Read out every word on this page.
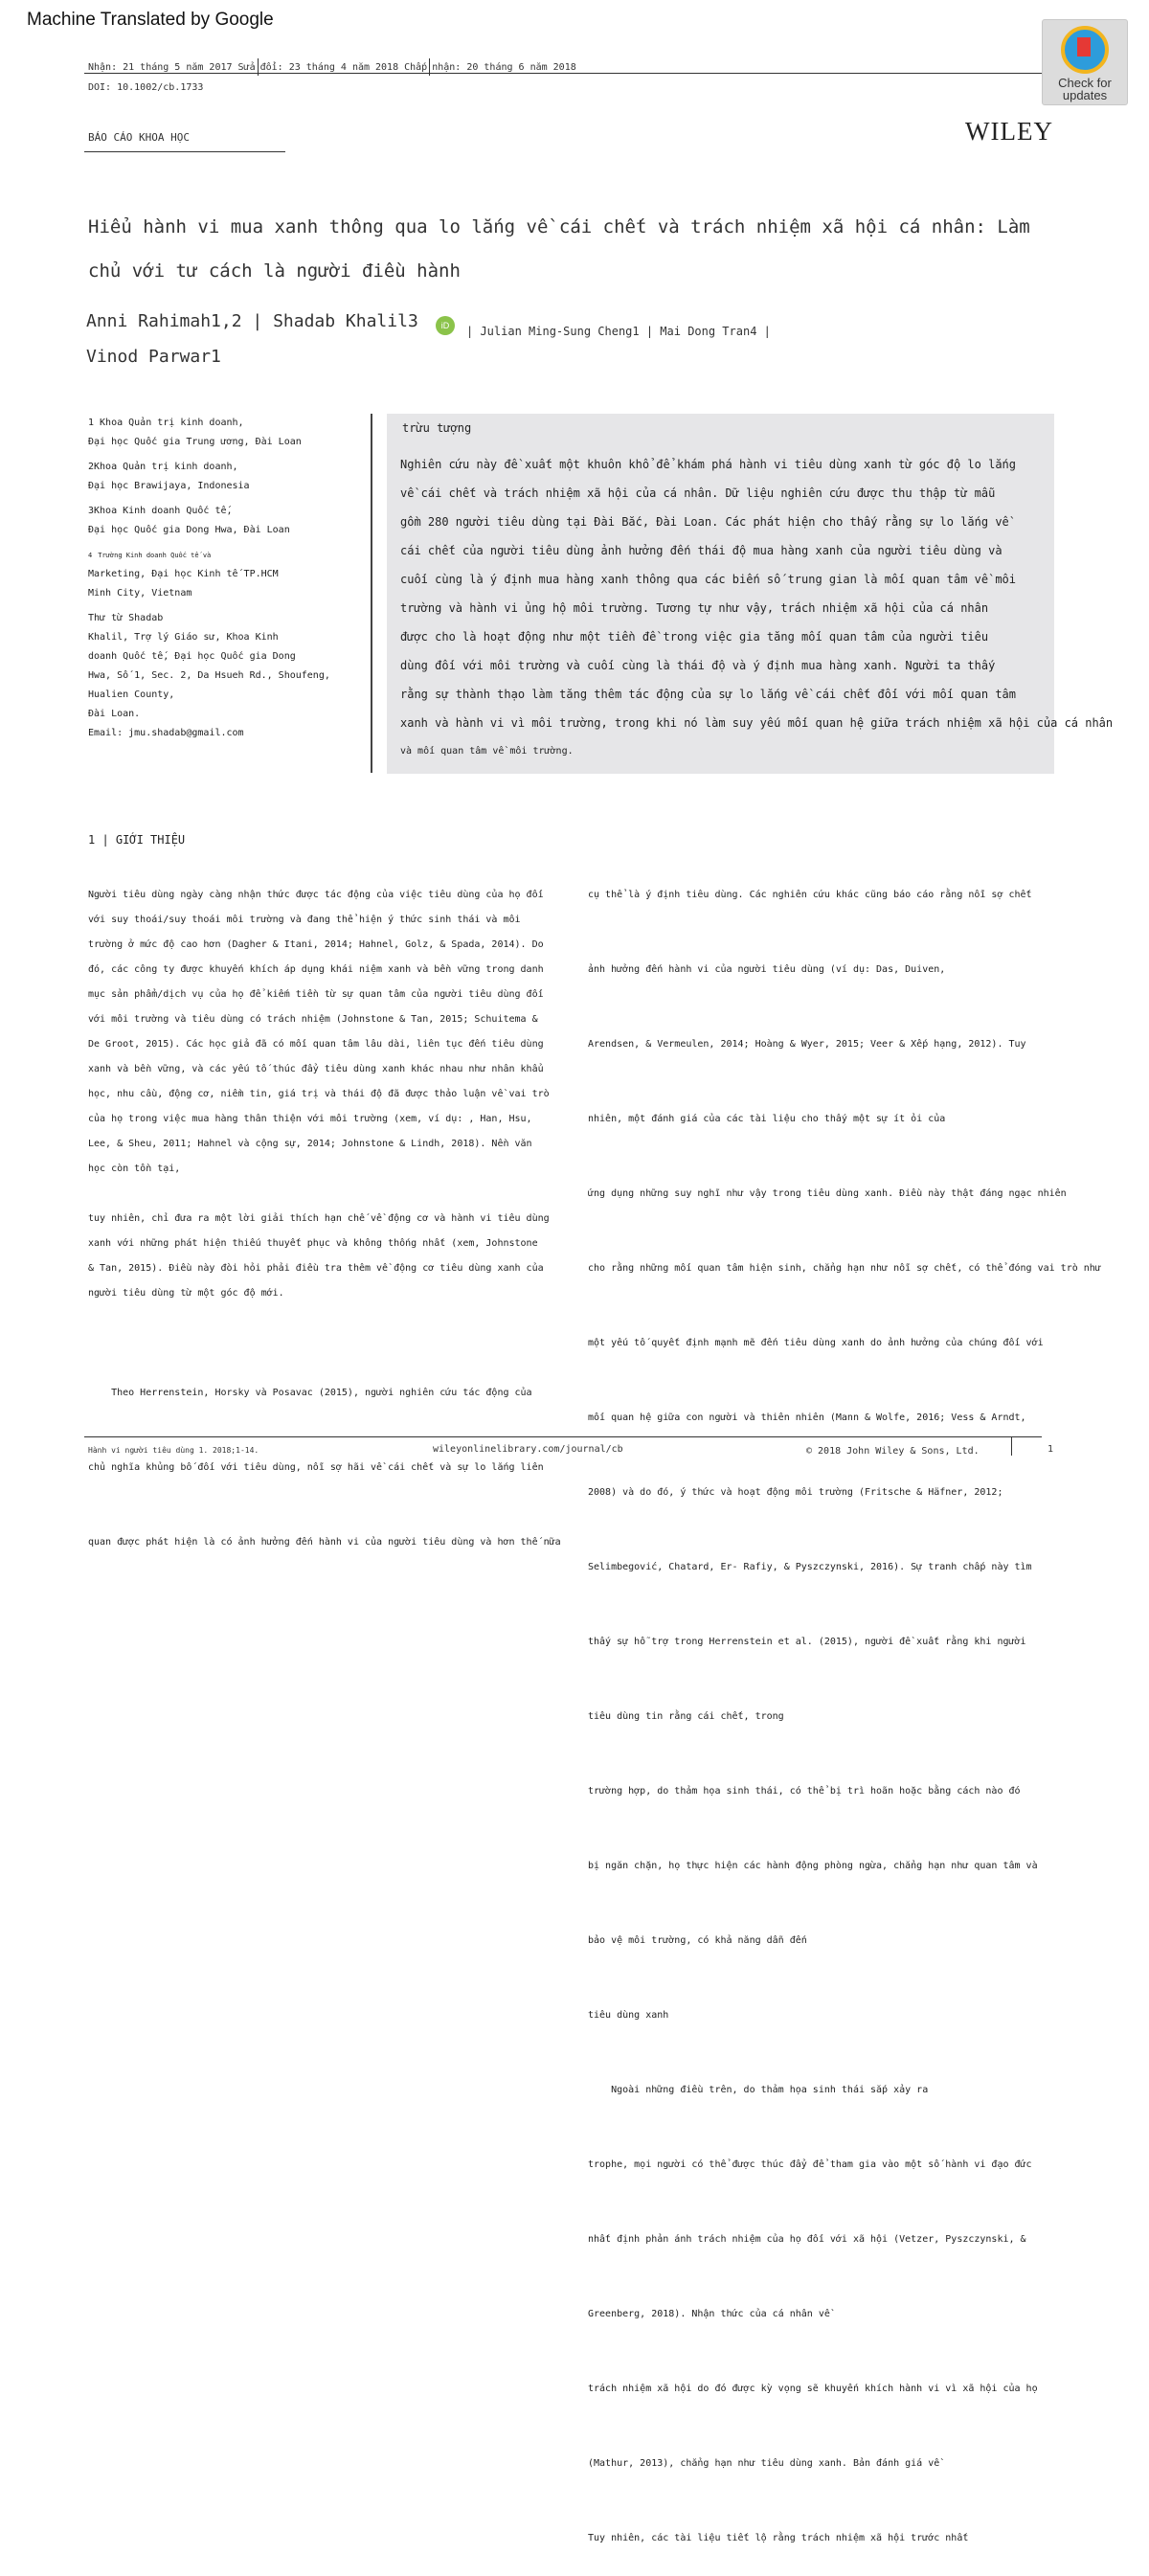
Machine Translated by Google
Check for
updates
Nhận: 21 tháng 5 năm 2017 Sửa đổi: 23 tháng 4 năm 2018 Chấp nhận: 20 tháng 6 năm 2018
DOI: 10.1002/cb.1733
BÁO CÁO KHOA HỌC	WILEY
Hiểu hành vi mua xanh thông qua lo lắng về cái chết và trách nhiệm xã hội cá nhân: Làm chủ với tư cách là người điều hành
Anni Rahimah1,2 | Shadab Khalil3	iD	| Julian Ming-Sung Cheng1 | Mai Dong Tran4 |
Vinod Parwar1
1 Khoa Quản trị kinh doanh,
Đại học Quốc gia Trung ương, Đài Loan
2Khoa Quản trị kinh doanh,
Đại học Brawijaya, Indonesia
3Khoa Kinh doanh Quốc tế,
Đại học Quốc gia Dong Hwa, Đài Loan
4 Trường Kinh doanh Quốc tế và
Marketing, Đại học Kinh tế TP.HCM
Minh City, Vietnam
Thư từ Shadab
Khalil, Trợ lý Giáo sư, Khoa Kinh
doanh Quốc tế, Đại học Quốc gia Dong
Hwa, Số 1, Sec. 2, Da Hsueh Rd., Shoufeng,
Hualien County,
Đài Loan.
Email: jmu.shadab@gmail.com
trừu tượng
Nghiên cứu này đề xuất một khuôn khổ để khám phá hành vi tiêu dùng xanh từ góc độ lo lắng
về cái chết và trách nhiệm xã hội của cá nhân. Dữ liệu nghiên cứu được thu thập từ mẫu
gồm 280 người tiêu dùng tại Đài Bắc, Đài Loan. Các phát hiện cho thấy rằng sự lo lắng về
cái chết của người tiêu dùng ảnh hưởng đến thái độ mua hàng xanh của người tiêu dùng và
cuối cùng là ý định mua hàng xanh thông qua các biến số trung gian là mối quan tâm về môi
trường và hành vi ủng hộ môi trường. Tương tự như vậy, trách nhiệm xã hội của cá nhân
được cho là hoạt động như một tiền đề trong việc gia tăng mối quan tâm của người tiêu
dùng đối với môi trường và cuối cùng là thái độ và ý định mua hàng xanh. Người ta thấy
rằng sự thành thạo làm tăng thêm tác động của sự lo lắng về cái chết đối với mối quan tâm
xanh và hành vi vì môi trường, trong khi nó làm suy yếu mối quan hệ giữa trách nhiệm xã hội của cá nhân
và mối quan tâm về môi trường.
1 | GIỚI THIỆU
Người tiêu dùng ngày càng nhận thức được tác động của việc tiêu dùng của họ đối
với suy thoái/suy thoái môi trường và đang thể hiện ý thức sinh thái và môi
trường ở mức độ cao hơn (Dagher & Itani, 2014; Hahnel, Golz, & Spada, 2014). Do
đó, các công ty được khuyến khích áp dụng khái niệm xanh và bền vững trong danh
mục sản phẩm/dịch vụ của họ để kiếm tiền từ sự quan tâm của người tiêu dùng đối
với môi trường và tiêu dùng có trách nhiệm (Johnstone & Tan, 2015; Schuitema &
De Groot, 2015). Các học giả đã có mối quan tâm lâu dài, liên tục đến tiêu dùng
xanh và bền vững, và các yếu tố thúc đẩy tiêu dùng xanh khác nhau như nhân khẩu
học, nhu cầu, động cơ, niềm tin, giá trị và thái độ đã được thảo luận về vai trò
của họ trong việc mua hàng thân thiện với môi trường (xem, ví dụ: , Han, Hsu,
Lee, & Sheu, 2011; Hahnel và cộng sự, 2014; Johnstone & Lindh, 2018). Nền văn
học còn tồn tại,
tuy nhiên, chỉ đưa ra một lời giải thích hạn chế về động cơ và hành vi tiêu dùng
xanh với những phát hiện thiếu thuyết phục và không thống nhất (xem, Johnstone
& Tan, 2015). Điều này đòi hỏi phải điều tra thêm về động cơ tiêu dùng xanh của
người tiêu dùng từ một góc độ mới.

Theo Herrenstein, Horsky và Posavac (2015), người nghiên cứu tác động của

chủ nghĩa khủng bố đối với tiêu dùng, nỗi sợ hãi về cái chết và sự lo lắng liên

quan được phát hiện là có ảnh hưởng đến hành vi của người tiêu dùng và hơn thế nữa

cụ thể là ý định tiêu dùng. Các nghiên cứu khác cũng báo cáo rằng nỗi sợ chết

ảnh hưởng đến hành vi của người tiêu dùng (ví dụ: Das, Duiven,

Arendsen, & Vermeulen, 2014; Hoàng & Wyer, 2015; Veer & Xếp hạng, 2012). Tuy

nhiên, một đánh giá của các tài liệu cho thấy một sự ít ỏi của

ứng dụng những suy nghĩ như vậy trong tiêu dùng xanh. Điều này thật đáng ngạc nhiên

cho rằng những mối quan tâm hiện sinh, chẳng hạn như nỗi sợ chết, có thể đóng vai trò như

một yếu tố quyết định mạnh mẽ đến tiêu dùng xanh do ảnh hưởng của chúng đối với

mối quan hệ giữa con người và thiên nhiên (Mann & Wolfe, 2016; Vess & Arndt,

2008) và do đó, ý thức và hoạt động môi trường (Fritsche & Häfner, 2012;

Selimbegović, Chatard, Er- Rafiy, & Pyszczynski, 2016). Sự tranh chấp này tìm

thấy sự hỗ trợ trong Herrenstein et al. (2015), người đề xuất rằng khi người

tiêu dùng tin rằng cái chết, trong

trường hợp, do thảm họa sinh thái, có thể bị trì hoãn hoặc bằng cách nào đó

bị ngăn chặn, họ thực hiện các hành động phòng ngừa, chẳng hạn như quan tâm và

bảo vệ môi trường, có khả năng dẫn đến

tiêu dùng xanh

Ngoài những điều trên, do thảm họa sinh thái sắp xảy ra

trophe, mọi người có thể được thúc đẩy để tham gia vào một số hành vi đạo đức

nhất định phản ánh trách nhiệm của họ đối với xã hội (Vetzer, Pyszczynski, &

Greenberg, 2018). Nhận thức của cá nhân về

trách nhiệm xã hội do đó được kỳ vọng sẽ khuyến khích hành vi vì xã hội của họ

(Mathur, 2013), chẳng hạn như tiêu dùng xanh. Bản đánh giá về

Tuy nhiên, các tài liệu tiết lộ rằng trách nhiệm xã hội trước nhất

Hành vi người tiêu dùng 1. 2018;1-14.	wileyonlinelibrary.com/journal/cb	© 2018 John Wiley & Sons, Ltd.	1
